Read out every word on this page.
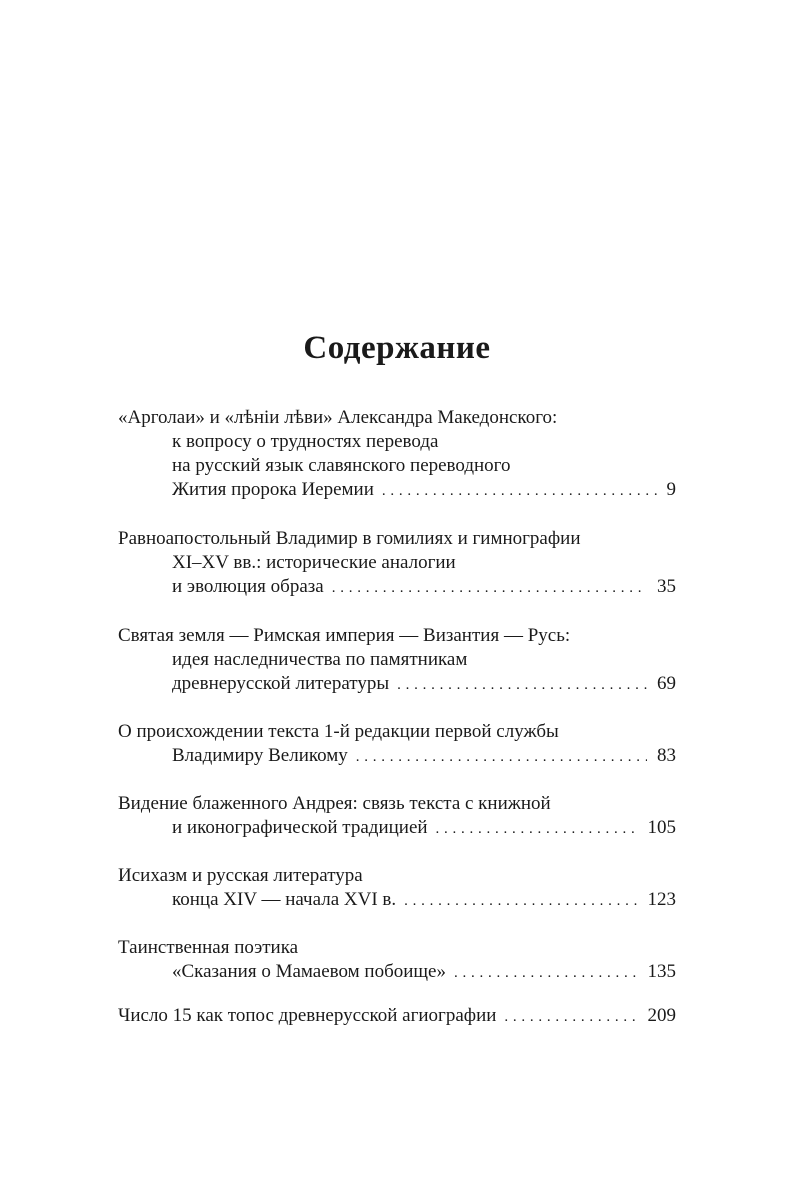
Содержание
«Арголаи» и «лѣнiи лѣви» Александра Македонского:
к вопросу о трудностях перевода
на русский язык славянского переводного
Жития пророка Иеремии . . .	9
Равноапостольный Владимир в гомилиях и гимнографии
XI–XV вв.: исторические аналогии
и эволюция образа . . .	35
Святая земля — Римская империя — Византия — Русь:
идея наследничества по памятникам
древнерусской литературы . . .	69
О происхождении текста 1-й редакции первой службы
Владимиру Великому . . .	83
Видение блаженного Андрея: связь текста с книжной
и иконографической традицией . . .	105
Исихазм и русская литература
конца XIV — начала XVI в. . . .	123
Таинственная поэтика
«Сказания о Мамаевом побоище» . . .	135
Число 15 как топос древнерусской агиографии . . .	209
